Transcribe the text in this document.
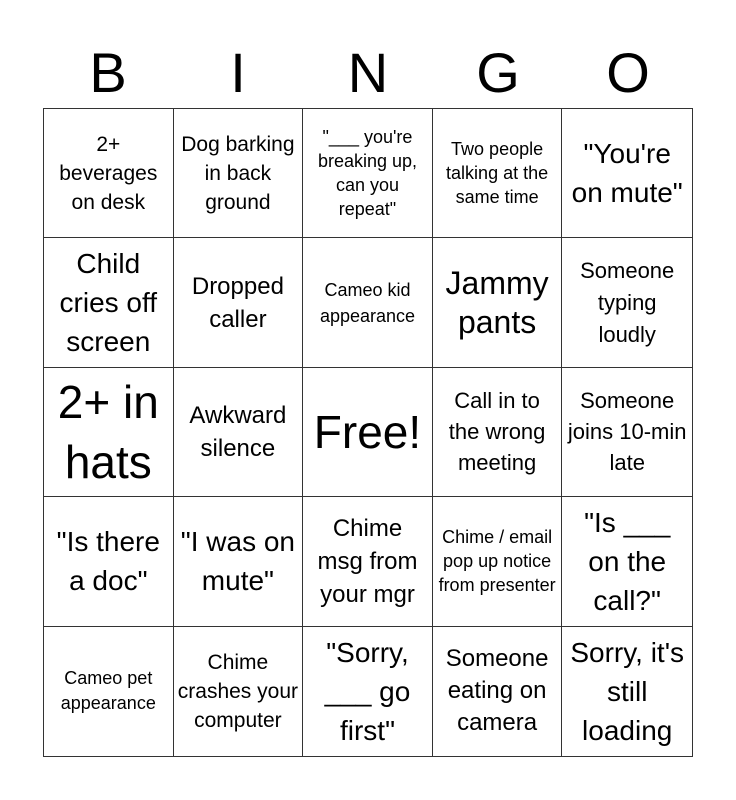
B	I	N	G	O
2+ beverages on desk
Dog barking in back ground
"___ you're breaking up, can you repeat"
Two people talking at the same time
"You're on mute"
Child cries off screen
Dropped caller
Cameo kid appearance
Jammy pants
Someone typing loudly
2+ in hats
Awkward silence Free!
Call in to the wrong meeting
Someone joins 10-min late
"Is there a doc"
"I was on mute"
Chime msg from your mgr
Chime / email pop up notice from presenter
"Is ___ on the call?"
Cameo pet appearance
Chime crashes your computer
"Sorry, ___ go first"
Someone eating on camera
Sorry, it's still loading
